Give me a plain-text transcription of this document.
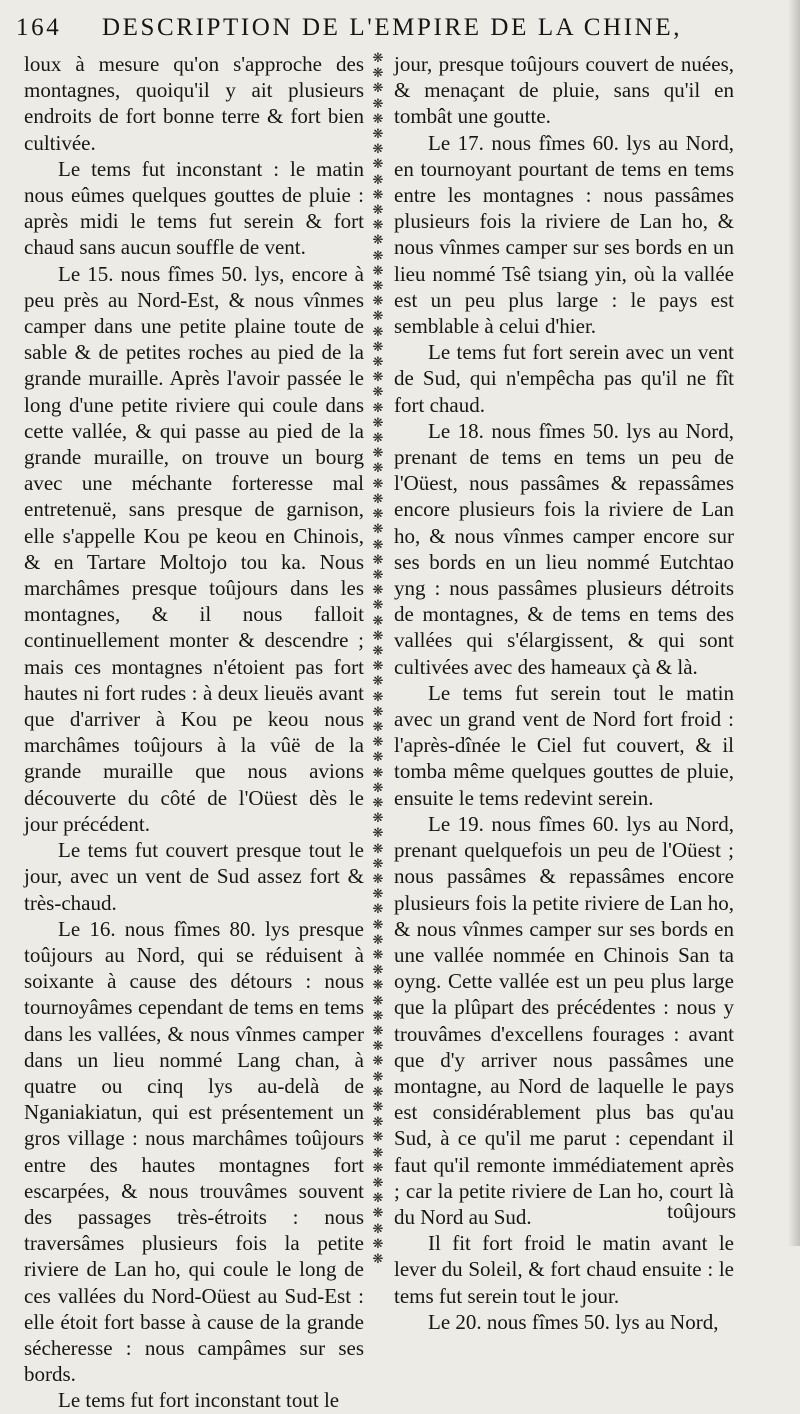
164 DESCRIPTION DE L'EMPIRE DE LA CHINE,

loux à mesure qu'on s'approche des montagnes, quoiqu'il y ait plusieurs endroits de fort bonne terre & fort bien cultivée.

Le tems fut inconstant : le matin nous eûmes quelques gouttes de pluie : après midi le tems fut serein & fort chaud sans aucun souffle de vent.

Le 15. nous fîmes 50. lys, encore à peu près au Nord-Est, & nous vînmes camper dans une petite plaine toute de sable & de petites roches au pied de la grande muraille. Après l'avoir passée le long d'une petite riviere qui coule dans cette vallée, & qui passe au pied de la grande muraille, on trouve un bourg avec une méchante forteresse mal entretenuë, sans presque de garnison, elle s'appelle Kou pe keou en Chinois, & en Tartare Moltojo tou ka. Nous marchâmes presque toûjours dans les montagnes, & il nous falloit continuellement monter & descendre ; mais ces montagnes n'étoient pas fort hautes ni fort rudes : à deux lieuës avant que d'arriver à Kou pe keou nous marchâmes toûjours à la vûë de la grande muraille que nous avions découverte du côté de l'Oüest dès le jour précédent.

Le tems fut couvert presque tout le jour, avec un vent de Sud assez fort & très-chaud.

Le 16. nous fîmes 80. lys presque toûjours au Nord, qui se réduisent à soixante à cause des détours : nous tournoyâmes cependant de tems en tems dans les vallées, & nous vînmes camper dans un lieu nommé Lang chan, à quatre ou cinq lys au-delà de Nganiakiatun, qui est présentement un gros village : nous marchâmes toûjours entre des hautes montagnes fort escarpées, & nous trouvâmes souvent des passages très-étroits : nous traversâmes plusieurs fois la petite riviere de Lan ho, qui coule le long de ces vallées du Nord-Oüest au Sud-Est : elle étoit fort basse à cause de la grande sécheresse : nous campâmes sur ses bords.

Le tems fut fort inconstant tout le

❋❋❋❋❋❋❋❋❋❋❋❋❋❋❋❋❋❋❋❋❋❋❋❋❋❋❋❋❋❋❋❋❋❋❋❋❋❋❋❋❋❋❋❋❋❋❋❋❋❋❋❋❋❋❋❋❋❋❋❋❋❋❋❋❋❋❋❋❋❋❋❋❋❋❋❋❋❋❋❋

jour, presque toûjours couvert de nuées, & menaçant de pluie, sans qu'il en tombât une goutte.

Le 17. nous fîmes 60. lys au Nord, en tournoyant pourtant de tems en tems entre les montagnes : nous passâmes plusieurs fois la riviere de Lan ho, & nous vînmes camper sur ses bords en un lieu nommé Tsê tsiang yin, où la vallée est un peu plus large : le pays est semblable à celui d'hier.

Le tems fut fort serein avec un vent de Sud, qui n'empêcha pas qu'il ne fît fort chaud.

Le 18. nous fîmes 50. lys au Nord, prenant de tems en tems un peu de l'Oüest, nous passâmes & repassâmes encore plusieurs fois la riviere de Lan ho, & nous vînmes camper encore sur ses bords en un lieu nommé Eutchtao yng : nous passâmes plusieurs détroits de montagnes, & de tems en tems des vallées qui s'élargissent, & qui sont cultivées avec des hameaux çà & là.

Le tems fut serein tout le matin avec un grand vent de Nord fort froid : l'après-dînée le Ciel fut couvert, & il tomba même quelques gouttes de pluie, ensuite le tems redevint serein.

Le 19. nous fîmes 60. lys au Nord, prenant quelquefois un peu de l'Oüest ; nous passâmes & repassâmes encore plusieurs fois la petite riviere de Lan ho, & nous vînmes camper sur ses bords en une vallée nommée en Chinois San ta oyng. Cette vallée est un peu plus large que la plûpart des précédentes : nous y trouvâmes d'excellens fourages : avant que d'y arriver nous passâmes une montagne, au Nord de laquelle le pays est considérablement plus bas qu'au Sud, à ce qu'il me parut : cependant il faut qu'il remonte immédiatement après ; car la petite riviere de Lan ho, court là du Nord au Sud.

Il fit fort froid le matin avant le lever du Soleil, & fort chaud ensuite : le tems fut serein tout le jour.

Le 20. nous fîmes 50. lys au Nord,

toûjours
